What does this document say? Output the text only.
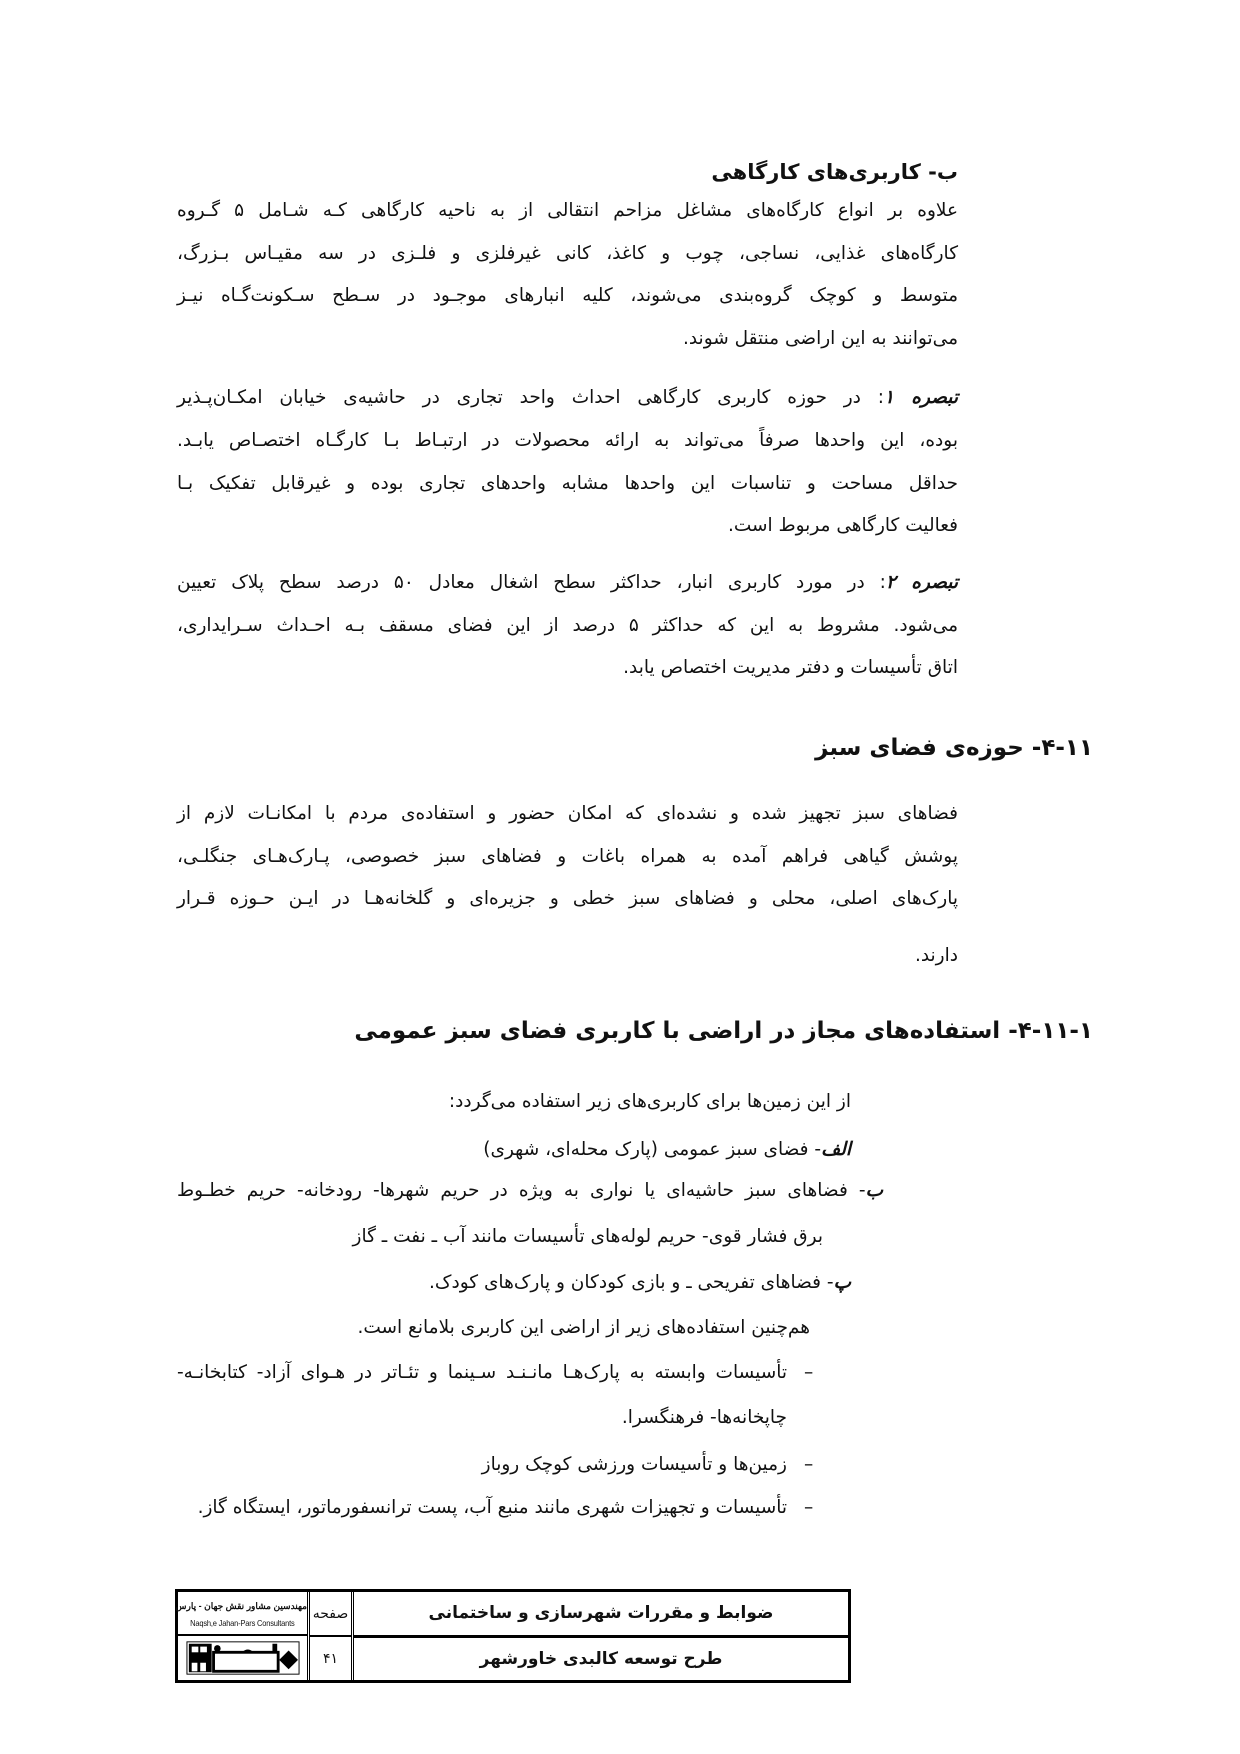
ب- کاربری‌های کارگاهی
علاوه بر انواع کارگاه‌های مشاغل مزاحم انتقالی از به ناحیه کارگاهی کـه شـامل ۵ گـروه
کارگاه‌های غذایی، نساجی، چوب و کاغذ، کانی غیرفلزی و فلـزی در سه مقیـاس بـزرگ،
متوسط و کوچک گروه‌بندی می‌شوند، کلیه انبارهای موجـود در سـطح سـکونت‌گـاه نیـز
می‌توانند به این اراضی منتقل شوند.
تبصره ۱: در حوزه کاربری کارگاهی احداث واحد تجاری در حاشیه‌ی خیابان امکـان‌پـذیر
بوده، این واحدها صرفاً می‌تواند به ارائه محصولات در ارتبـاط بـا کارگـاه اختصـاص یابـد.
حداقل مساحت و تناسبات این واحدها مشابه واحدهای تجاری بوده و غیرقابل تفکیک بـا
فعالیت کارگاهی مربوط است.
تبصره ۲: در مورد کاربری انبار، حداکثر سطح اشغال معادل ۵۰ درصد سطح پلاک تعیین
می‌شود. مشروط به این که حداکثر ۵ درصد از این فضای مسقف بـه احـداث سـرایداری،
اتاق تأسیسات و دفتر مدیریت اختصاص یابد.
۴-۱۱- حوزه‌ی فضای سبز
فضاهای سبز تجهیز شده و نشده‌ای که امکان حضور و استفاده‌ی مردم با امکانـات لازم از
پوشش گیاهی فراهم آمده به همراه باغات و فضاهای سبز خصوصی، پـارک‌هـای جنگلـی،
پارک‌های اصلی، محلی و فضاهای سبز خطی و جزیره‌ای و گلخانه‌هـا در ایـن حـوزه قـرار
دارند.
۴-۱۱-۱- استفاده‌های مجاز در اراضی با کاربری فضای سبز عمومی
از این زمین‌ها برای کاربری‌های زیر استفاده می‌گردد:
الف- فضای سبز عمومی (پارک محله‌ای، شهری)
ب- فضاهای سبز حاشیه‌ای یا نواری به ویژه در حریم شهرها- رودخانه- حریم خطـوط
برق فشار قوی- حریم لوله‌های تأسیسات مانند آب ـ نفت ـ گاز
پ- فضاهای تفریحی ـ و بازی کودکان و پارک‌های کودک.
هم‌چنین استفاده‌های زیر از اراضی این کاربری بلامانع است.
–
تأسیسات وابسته به پارک‌هـا مانـنـد سـینما و تئـاتر در هـوای آزاد- کتابخانـه-
چاپخانه‌ها- فرهنگسرا.
–
زمین‌ها و تأسیسات ورزشی کوچک روباز
–
تأسیسات و تجهیزات شهری مانند منبع آب، پست ترانسفورماتور، ایستگاه گاز.
مهندسین مشاور نقش جهان - پارس
Naqsh,e Jahan-Pars Consultants
صفحه
۴۱
ضوابط و مقررات شهرسازی و ساختمانی
طرح توسعه کالبدی خاورشهر
